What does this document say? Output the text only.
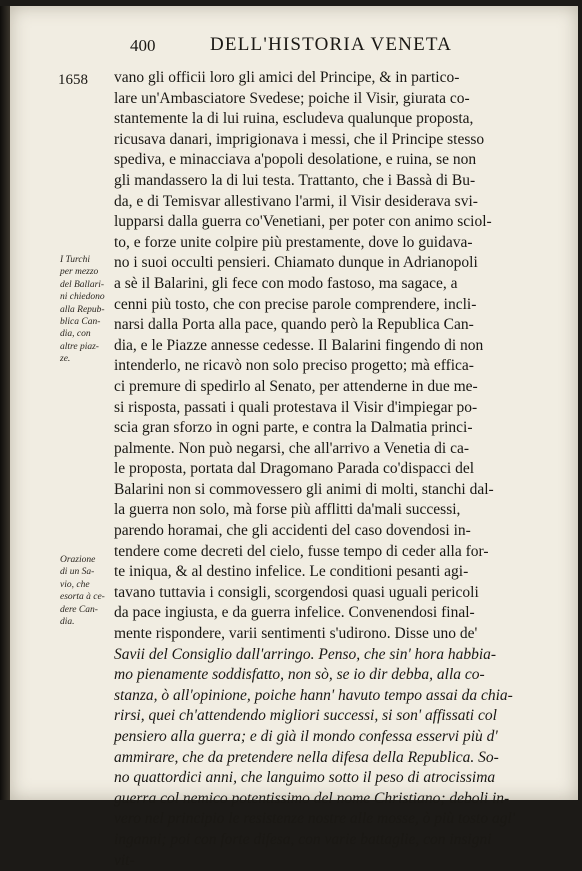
400	DELL'HISTORIA VENETA
1658
I Turchi
per mezzo
del Ballari-
ni chiedono
alla Repub-
blica Can-
dia, con
altre piaz-
ze.
Orazione
di un Sa-
vio, che
esorta à ce-
dere Can-
dia.
vano gli officii loro gli amici del Principe, & in partico-
lare un'Ambasciatore Svedese; poiche il Visir, giurata co-
stantemente la di lui ruina, escludeva qualunque proposta,
ricusava danari, imprigionava i messi, che il Principe stesso
spediva, e minacciava a'popoli desolatione, e ruina, se non
gli mandassero la di lui testa. Trattanto, che i Bassà di Bu-
da, e di Temisvar allestivano l'armi, il Visir desiderava svi-
lupparsi dalla guerra co'Venetiani, per poter con animo sciol-
to, e forze unite colpire più prestamente, dove lo guidava-
no i suoi occulti pensieri. Chiamato dunque in Adrianopoli
a sè il Balarini, gli fece con modo fastoso, ma sagace, a
cenni più tosto, che con precise parole comprendere, incli-
narsi dalla Porta alla pace, quando però la Republica Can-
dia, e le Piazze annesse cedesse. Il Balarini fingendo di non
intenderlo, ne ricavò non solo preciso progetto; mà effica-
ci premure di spedirlo al Senato, per attenderne in due me-
si risposta, passati i quali protestava il Visir d'impiegar po-
scia gran sforzo in ogni parte, e contra la Dalmatia princi-
palmente. Non può negarsi, che all'arrivo a Venetia di ca-
le proposta, portata dal Dragomano Parada co'dispacci del
Balarini non si commovessero gli animi di molti, stanchi dal-
la guerra non solo, mà forse più afflitti da'mali successi,
parendo horamai, che gli accidenti del caso dovendosi in-
tendere come decreti del cielo, fusse tempo di ceder alla for-
te iniqua, & al destino infelice. Le conditioni pesanti agi-
tavano tuttavia i consigli, scorgendosi quasi uguali pericoli
da pace ingiusta, e da guerra infelice. Convenendosi final-
mente rispondere, varii sentimenti s'udirono. Disse uno de'
Savii del Consiglio dall'arringo. Penso, che sin' hora habbia-
mo pienamente soddisfatto, non sò, se io dir debba, alla co-
stanza, ò all'opinione, poiche hann' havuto tempo assai da chia-
rirsi, quei ch'attendendo migliori successi, si son' affissati col
pensiero alla guerra; e di già il mondo confessa esservi più d'
ammirare, che da pretendere nella difesa della Republica. So-
no quattordici anni, che languimo sotto il peso di atrocissima
guerra col nemico potentissimo del nome Christiano; deboli in-
vero nel principio le resistenze nostre alle mosse, ò più tosto agl'
inganni; poi con forte difesa, con varie battaglie, con insigni
vit-
